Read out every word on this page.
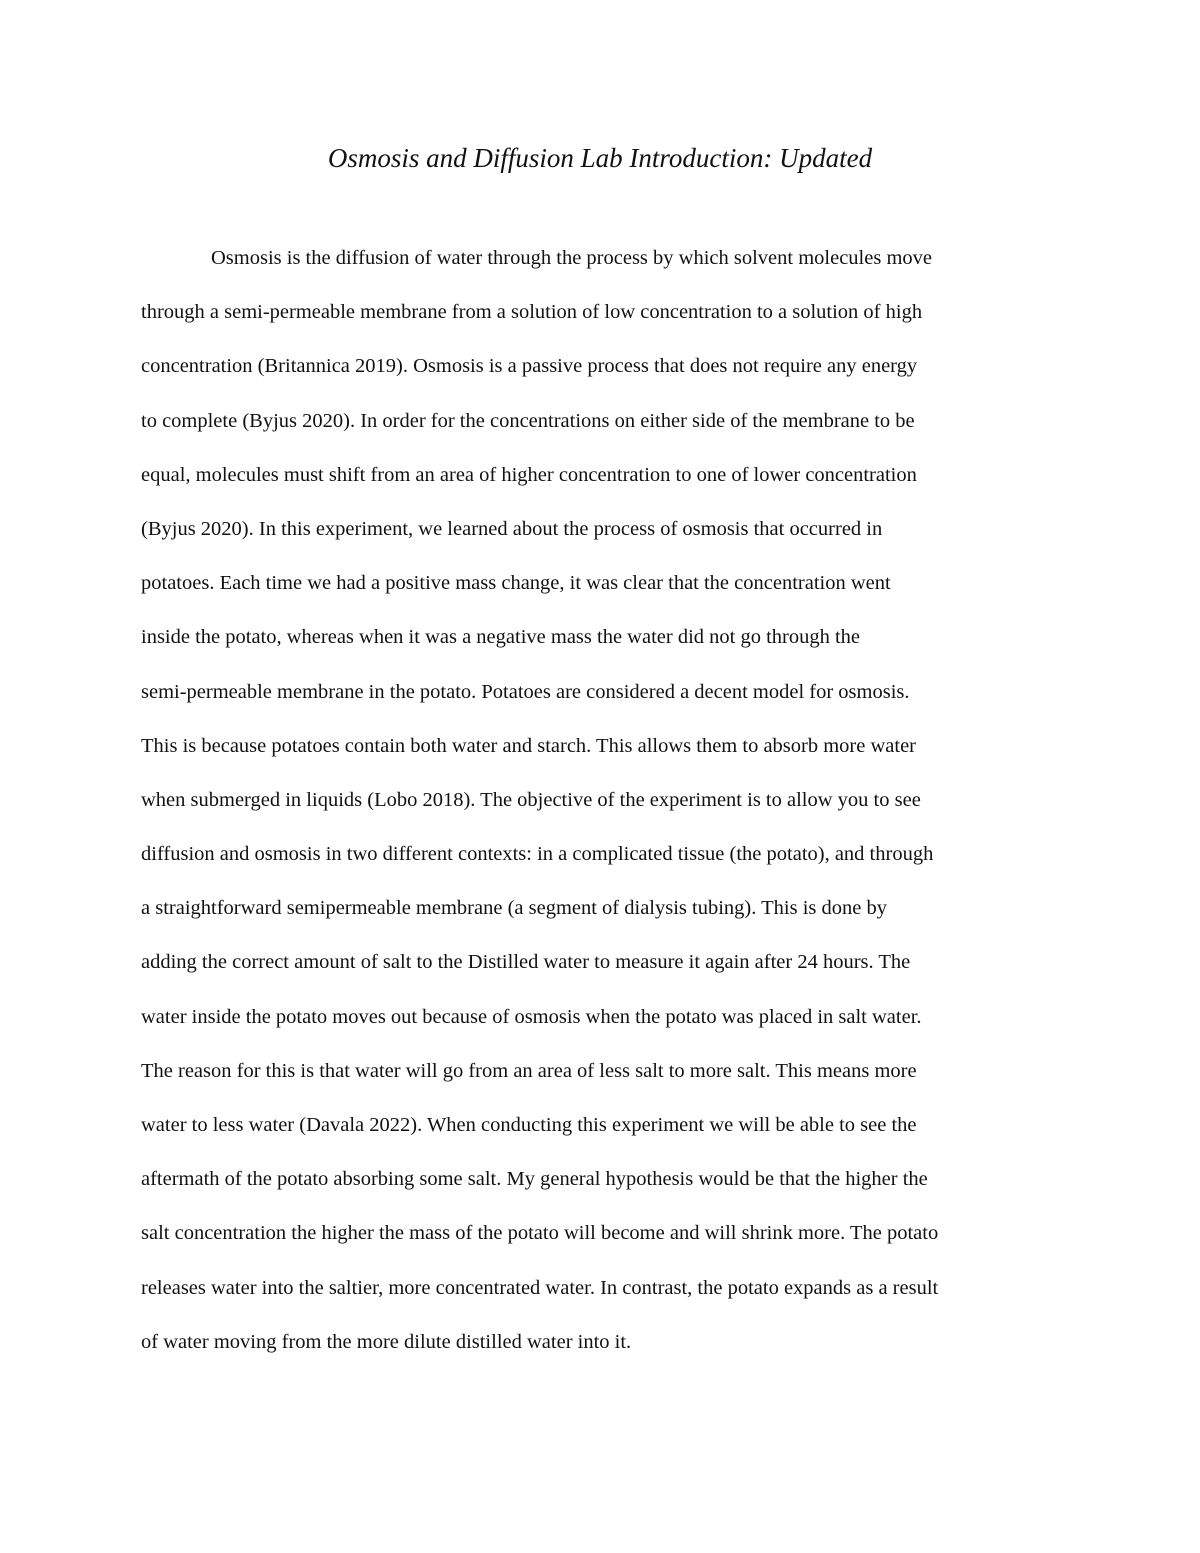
Osmosis and Diffusion Lab Introduction: Updated

Osmosis is the diffusion of water through the process by which solvent molecules move
through a semi-permeable membrane from a solution of low concentration to a solution of high
concentration (Britannica 2019). Osmosis is a passive process that does not require any energy
to complete (Byjus 2020). In order for the concentrations on either side of the membrane to be
equal, molecules must shift from an area of higher concentration to one of lower concentration
(Byjus 2020). In this experiment, we learned about the process of osmosis that occurred in
potatoes. Each time we had a positive mass change, it was clear that the concentration went
inside the potato, whereas when it was a negative mass the water did not go through the
semi-permeable membrane in the potato. Potatoes are considered a decent model for osmosis.
This is because potatoes contain both water and starch. This allows them to absorb more water
when submerged in liquids (Lobo 2018). The objective of the experiment is to allow you to see
diffusion and osmosis in two different contexts: in a complicated tissue (the potato), and through
a straightforward semipermeable membrane (a segment of dialysis tubing). This is done by
adding the correct amount of salt to the Distilled water to measure it again after 24 hours. The
water inside the potato moves out because of osmosis when the potato was placed in salt water.
The reason for this is that water will go from an area of less salt to more salt. This means more
water to less water (Davala 2022). When conducting this experiment we will be able to see the
aftermath of the potato absorbing some salt. My general hypothesis would be that the higher the
salt concentration the higher the mass of the potato will become and will shrink more. The potato
releases water into the saltier, more concentrated water. In contrast, the potato expands as a result
of water moving from the more dilute distilled water into it.
